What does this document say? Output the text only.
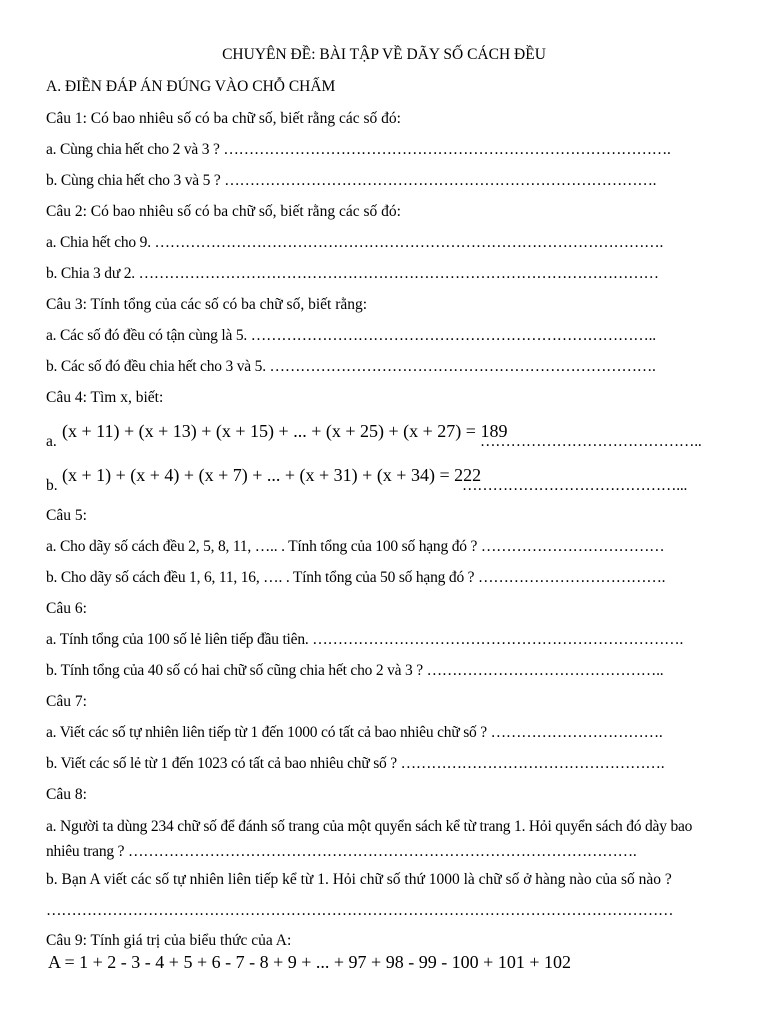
CHUYÊN ĐỀ: BÀI TẬP VỀ DÃY SỐ CÁCH ĐỀU
A. ĐIỀN ĐÁP ÁN ĐÚNG VÀO CHỖ CHẤM
Câu 1: Có bao nhiêu số có ba chữ số, biết rằng các số đó:
a. Cùng chia hết cho 2 và 3 ? …………………………………………………………………………….
b. Cùng chia hết cho 3 và 5 ? ………………………………………………………………………….
Câu 2: Có bao nhiêu số có ba chữ số, biết rằng các số đó:
a. Chia hết cho 9. ……………………………………………………………………………………….
b. Chia 3 dư 2. …………………………………………………………………………………………
Câu 3: Tính tổng của các số có ba chữ số, biết rằng:
a. Các số đó đều có tận cùng là 5. ……………………………………………………………………..
b. Các số đó đều chia hết cho 3 và 5. ………………………………………………………………….
Câu 4: Tìm x, biết:
a.
(x + 11) + (x + 13) + (x + 15) + ... + (x + 25) + (x + 27) = 189
……………………………………..
b.
(x + 1) + (x + 4) + (x + 7) + ... + (x + 31) + (x + 34) = 222
……………………………………...
Câu 5:
a. Cho dãy số cách đều 2, 5, 8, 11, ….. . Tính tổng của 100 số hạng đó ? ………………………………
b. Cho dãy số cách đều 1, 6, 11, 16, …. . Tính tổng của 50 số hạng đó ? ……………………………….
Câu 6:
a. Tính tổng của 100 số lẻ liên tiếp đầu tiên. ……………………………………………………………….
b. Tính tổng của 40 số có hai chữ số cũng chia hết cho 2 và 3 ? ………………………………………..
Câu 7:
a. Viết các số tự nhiên liên tiếp từ 1 đến 1000 có tất cả bao nhiêu chữ số ? …………………………….
b. Viết các số lẻ từ 1 đến 1023 có tất cả bao nhiêu chữ số ? …………………………………………….
Câu 8:
a. Người ta dùng 234 chữ số để đánh số trang của một quyển sách kể từ trang 1. Hỏi quyển sách đó dày bao nhiêu trang ? ……………………………………………………………………………………….
b. Bạn A viết các số tự nhiên liên tiếp kể từ 1. Hỏi chữ số thứ 1000 là chữ số ở hàng nào của số nào ?
……………………………………………………………………………………………………………
Câu 9: Tính giá trị của biểu thức của A:
A = 1 + 2 - 3 - 4 + 5 + 6 - 7 - 8 + 9 + ... + 97 + 98 - 99 - 100 + 101 + 102
